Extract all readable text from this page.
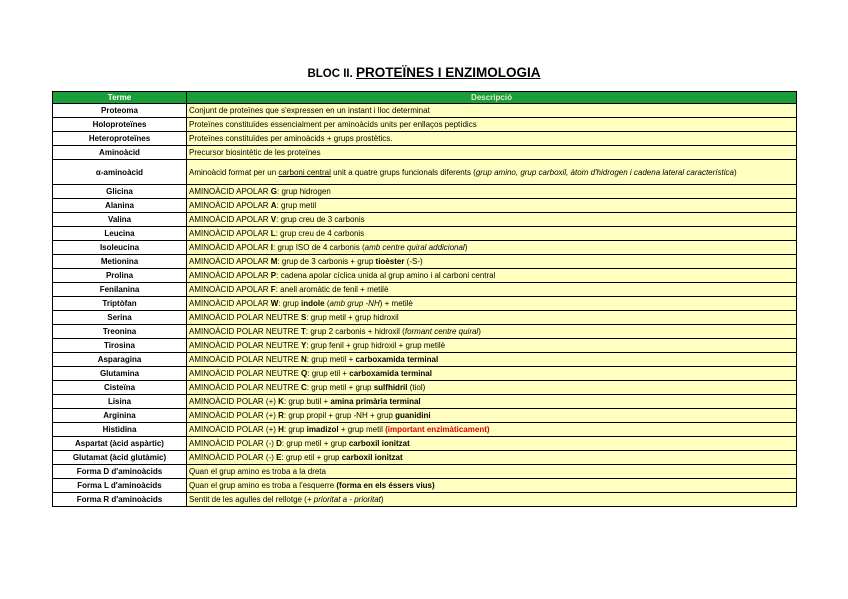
BLOC II. PROTEÏNES I ENZIMOLOGIA
Terme	Descripció
Proteoma	Conjunt de proteïnes que s'expressen en un instant i lloc determinat
Holoproteïnes	Proteïnes constituïdes essencialment per aminoàcids units per enllaços peptídics
Heteroproteïnes	Proteïnes constituïdes per aminoàcids + grups prostètics.
Aminoàcid	Precursor biosintètic de les proteïnes
α-aminoàcid	Aminoàcid format per un carboni central unit a quatre grups funcionals diferents (grup amino, grup carboxil, àtom d'hidrogen i cadena lateral característica)
Glicina	AMINOÀCID APOLAR G: grup hidrogen
Alanina	AMINOÀCID APOLAR A: grup metil
Valina	AMINOÀCID APOLAR V: grup creu de 3 carbonis
Leucina	AMINOÀCID APOLAR L: grup creu de 4 carbonis
Isoleucina	AMINOÀCID APOLAR I: grup ISO de 4 carbonis (amb centre quiral addicional)
Metionina	AMINOÀCID APOLAR M: grup de 3 carbonis + grup tioèster (-S-)
Prolina	AMINOÀCID APOLAR P: cadena apolar cíclica unida al grup amino i al carboni central
Fenilanina	AMINOÀCID APOLAR F: anell aromàtic de fenil + metilè
Triptòfan	AMINOÀCID APOLAR W: grup indole (amb grup -NH) + metilè
Serina	AMINOÀCID POLAR NEUTRE S: grup metil + grup hidroxil
Treonina	AMINOÀCID POLAR NEUTRE T: grup 2 carbonis + hidroxil (formant centre quiral)
Tirosina	AMINOÀCID POLAR NEUTRE Y: grup fenil + grup hidroxil + grup metilè
Asparagina	AMINOÀCID POLAR NEUTRE N: grup metil + carboxamida terminal
Glutamina	AMINOÀCID POLAR NEUTRE Q: grup etil + carboxamida terminal
Cisteïna	AMINOÀCID POLAR NEUTRE C: grup metil + grup sulfhidril (tiol)
Lisina	AMINOÀCID POLAR (+) K: grup butil + amina primària terminal
Arginina	AMINOÀCID POLAR (+) R: grup propil + grup -NH + grup guanidini
Histidina	AMINOÀCID POLAR (+) H: grup imadizol + grup metil (important enzimàticament)
Aspartat (àcid aspàrtic)	AMINOÀCID POLAR (-) D: grup metil + grup carboxil ionitzat
Glutamat (àcid glutàmic)	AMINOÀCID POLAR (-) E: grup etil + grup carboxil ionitzat
Forma D d'aminoàcids	Quan el grup amino es troba a la dreta
Forma L d'aminoàcids	Quan el grup amino es troba a l'esquerre (forma en els éssers vius)
Forma R d'aminoàcids	Sentit de les agulles del rellotge (+ prioritat a - prioritat)
